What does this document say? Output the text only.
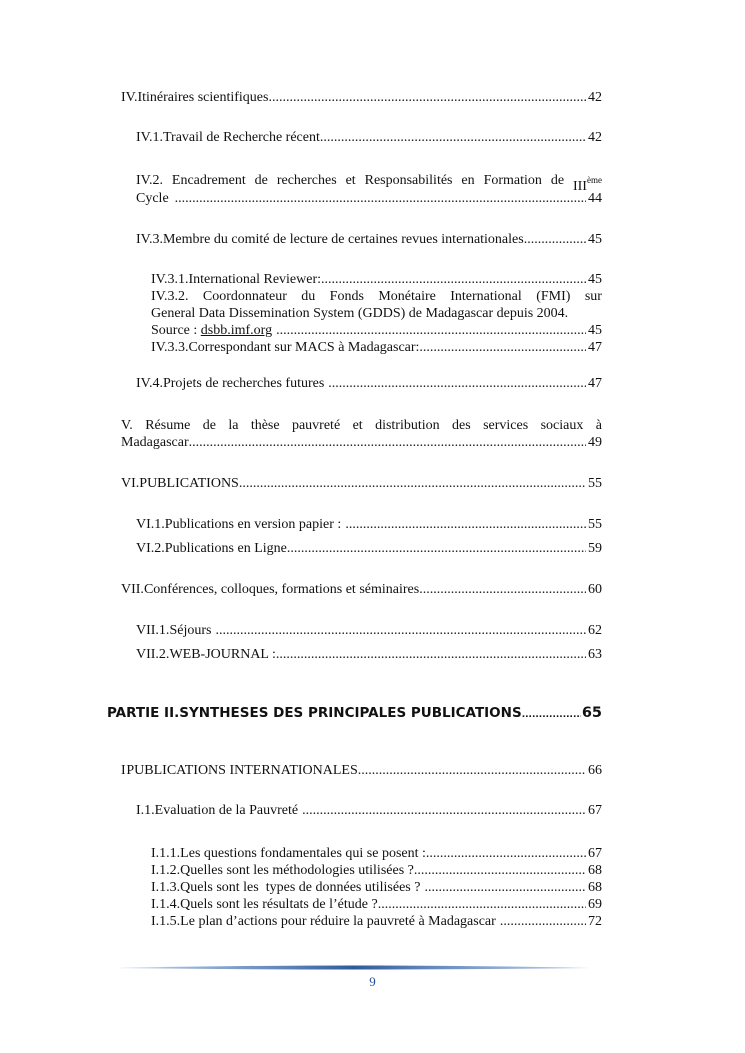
IV. Itinéraires scientifiques .....	42
IV.1. Travail de Recherche récent .....	42
IV.2. Encadrement de recherches et Responsabilités en Formation de IIIème
Cycle .....	44
IV.3. Membre du comité de lecture de certaines revues internationales .....	45
IV.3.1. International Reviewer: .....	45
IV.3.2. Coordonnateur du Fonds Monétaire International (FMI) sur
General Data Dissemination System (GDDS) de Madagascar depuis 2004.
Source : dsbb.imf.org .....	45
IV.3.3. Correspondant sur MACS à Madagascar: .....	47
IV.4. Projets de recherches futures .....	47
V. Résume de la thèse pauvreté et distribution des services sociaux à
Madagascar .....	49
VI. PUBLICATIONS .....	55
VI.1. Publications en version papier : .....	55
VI.2. Publications en Ligne .....	59
VII. Conférences, colloques, formations et séminaires .....	60
VII.1. Séjours .....	62
VII.2. WEB-JOURNAL : .....	63
PARTIE II. SYNTHESES DES PRINCIPALES PUBLICATIONS .....	65
I PUBLICATIONS INTERNATIONALES .....	66
I.1. Evaluation de la Pauvreté .....	67
I.1.1. Les questions fondamentales qui se posent : .....	67
I.1.2. Quelles sont les méthodologies utilisées ? .....	68
I.1.3. Quels sont les  types de données utilisées ? .....	68
I.1.4. Quels sont les résultats de l’étude ? .....	69
I.1.5. Le plan d’actions pour réduire la pauvreté à Madagascar .....	72
9
